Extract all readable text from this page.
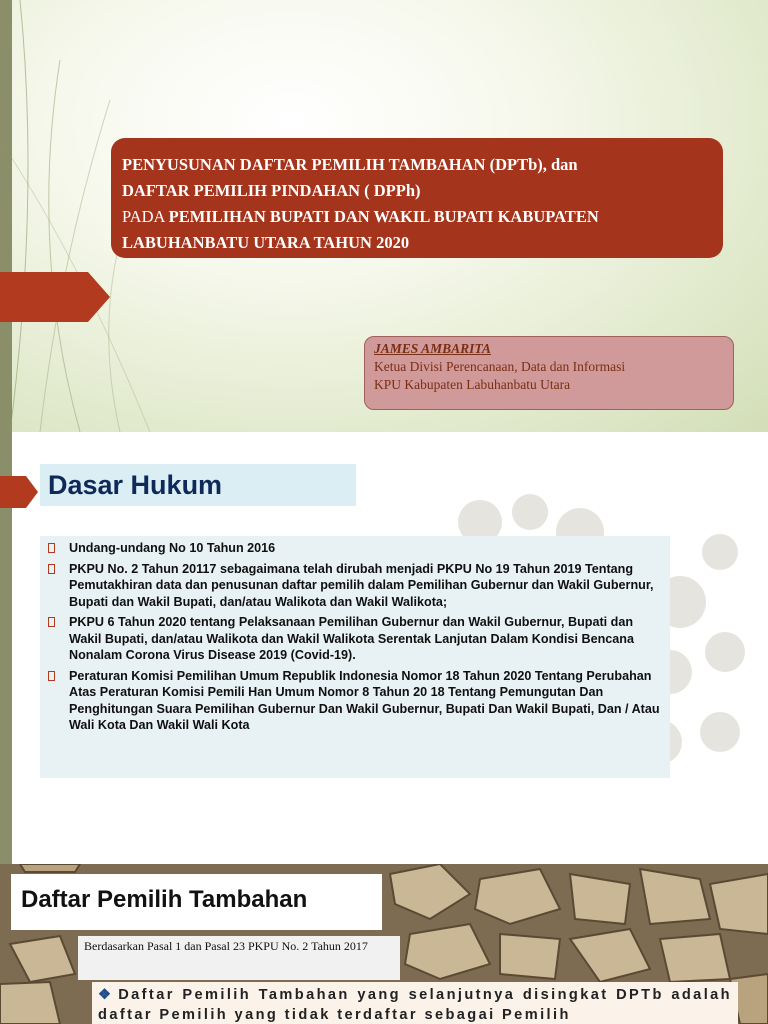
PENYUSUNAN DAFTAR PEMILIH TAMBAHAN (DPTb), dan
DAFTAR PEMILIH PINDAHAN ( DPPh)
PADA PEMILIHAN BUPATI DAN WAKIL BUPATI KABUPATEN
LABUHANBATU UTARA TAHUN 2020
JAMES AMBARITA
Ketua Divisi Perencanaan, Data dan Informasi
KPU Kabupaten Labuhanbatu Utara
Dasar Hukum
Undang-undang No 10 Tahun 2016
PKPU No. 2 Tahun 20117 sebagaimana telah dirubah menjadi PKPU No 19 Tahun 2019 Tentang Pemutakhiran data dan penusunan daftar pemilih dalam Pemilihan Gubernur dan Wakil Gubernur, Bupati dan Wakil Bupati, dan/atau Walikota dan Wakil Walikota;
PKPU 6 Tahun 2020 tentang Pelaksanaan Pemilihan Gubernur dan Wakil Gubernur, Bupati dan Wakil Bupati, dan/atau Walikota dan Wakil Walikota Serentak Lanjutan Dalam Kondisi Bencana Nonalam Corona Virus Disease 2019 (Covid-19).
Peraturan Komisi Pemilihan Umum Republik Indonesia Nomor 18 Tahun 2020 Tentang Perubahan Atas Peraturan Komisi Pemili Han Umum Nomor 8 Tahun 20 18 Tentang Pemungutan Dan Penghitungan Suara Pemilihan Gubernur Dan Wakil Gubernur, Bupati Dan Wakil Bupati, Dan / Atau Wali Kota Dan Wakil Wali Kota
Daftar Pemilih Tambahan
Berdasarkan Pasal 1 dan Pasal 23 PKPU No. 2 Tahun 2017
❖ Daftar Pemilih Tambahan yang selanjutnya disingkat DPTb adalah daftar Pemilih yang tidak terdaftar sebagai Pemilih
